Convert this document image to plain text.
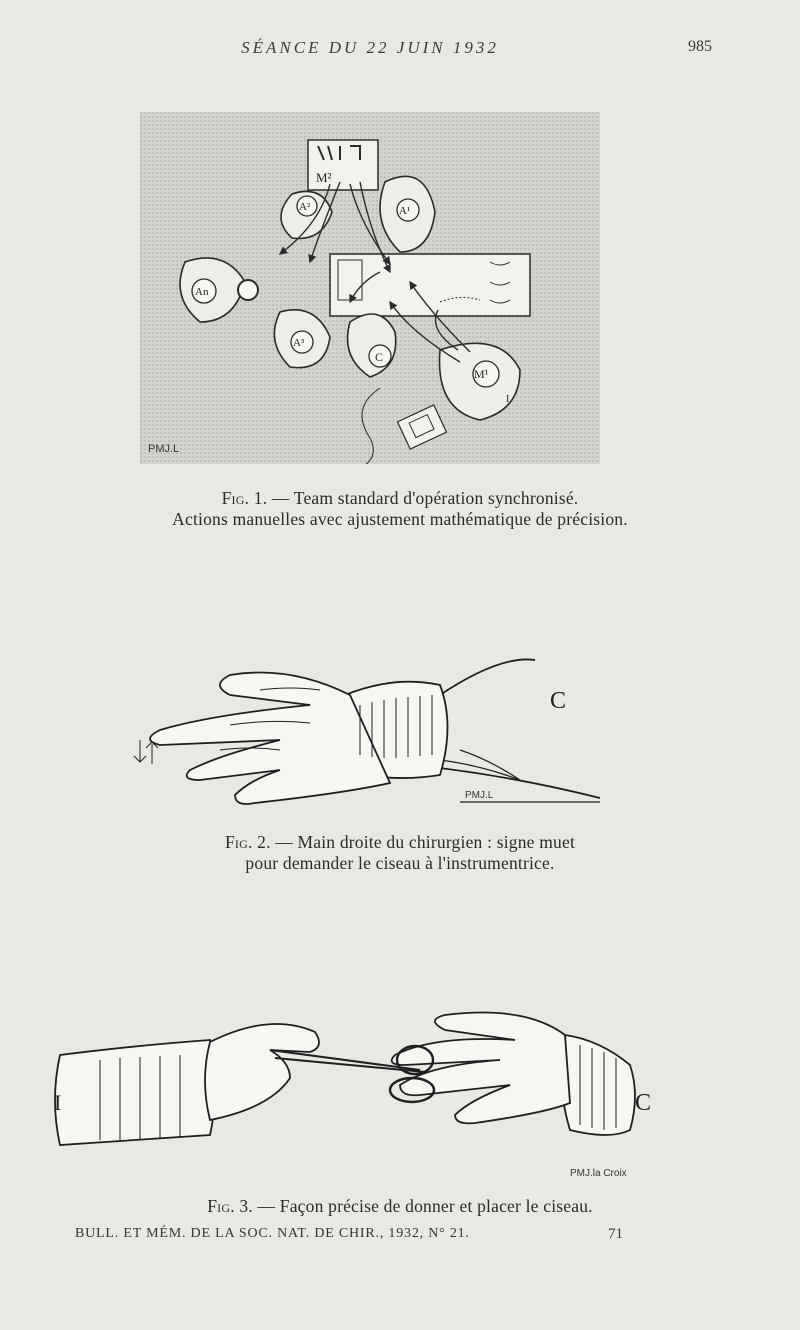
SÉANCE DU 22 JUIN 1932	985
M²
A²	A¹
An
A³
C
M¹
I
PMJ.L
Fig. 1. — Team standard d'opération synchronisé.
Actions manuelles avec ajustement mathématique de précision.
C
PMJ.L
Fig. 2. — Main droite du chirurgien : signe muet
pour demander le ciseau à l'instrumentrice.
I	C
PMJ.la Croix
Fig. 3. — Façon précise de donner et placer le ciseau.
BULL. ET MÉM. DE LA SOC. NAT. DE CHIR., 1932, N° 21.	71
